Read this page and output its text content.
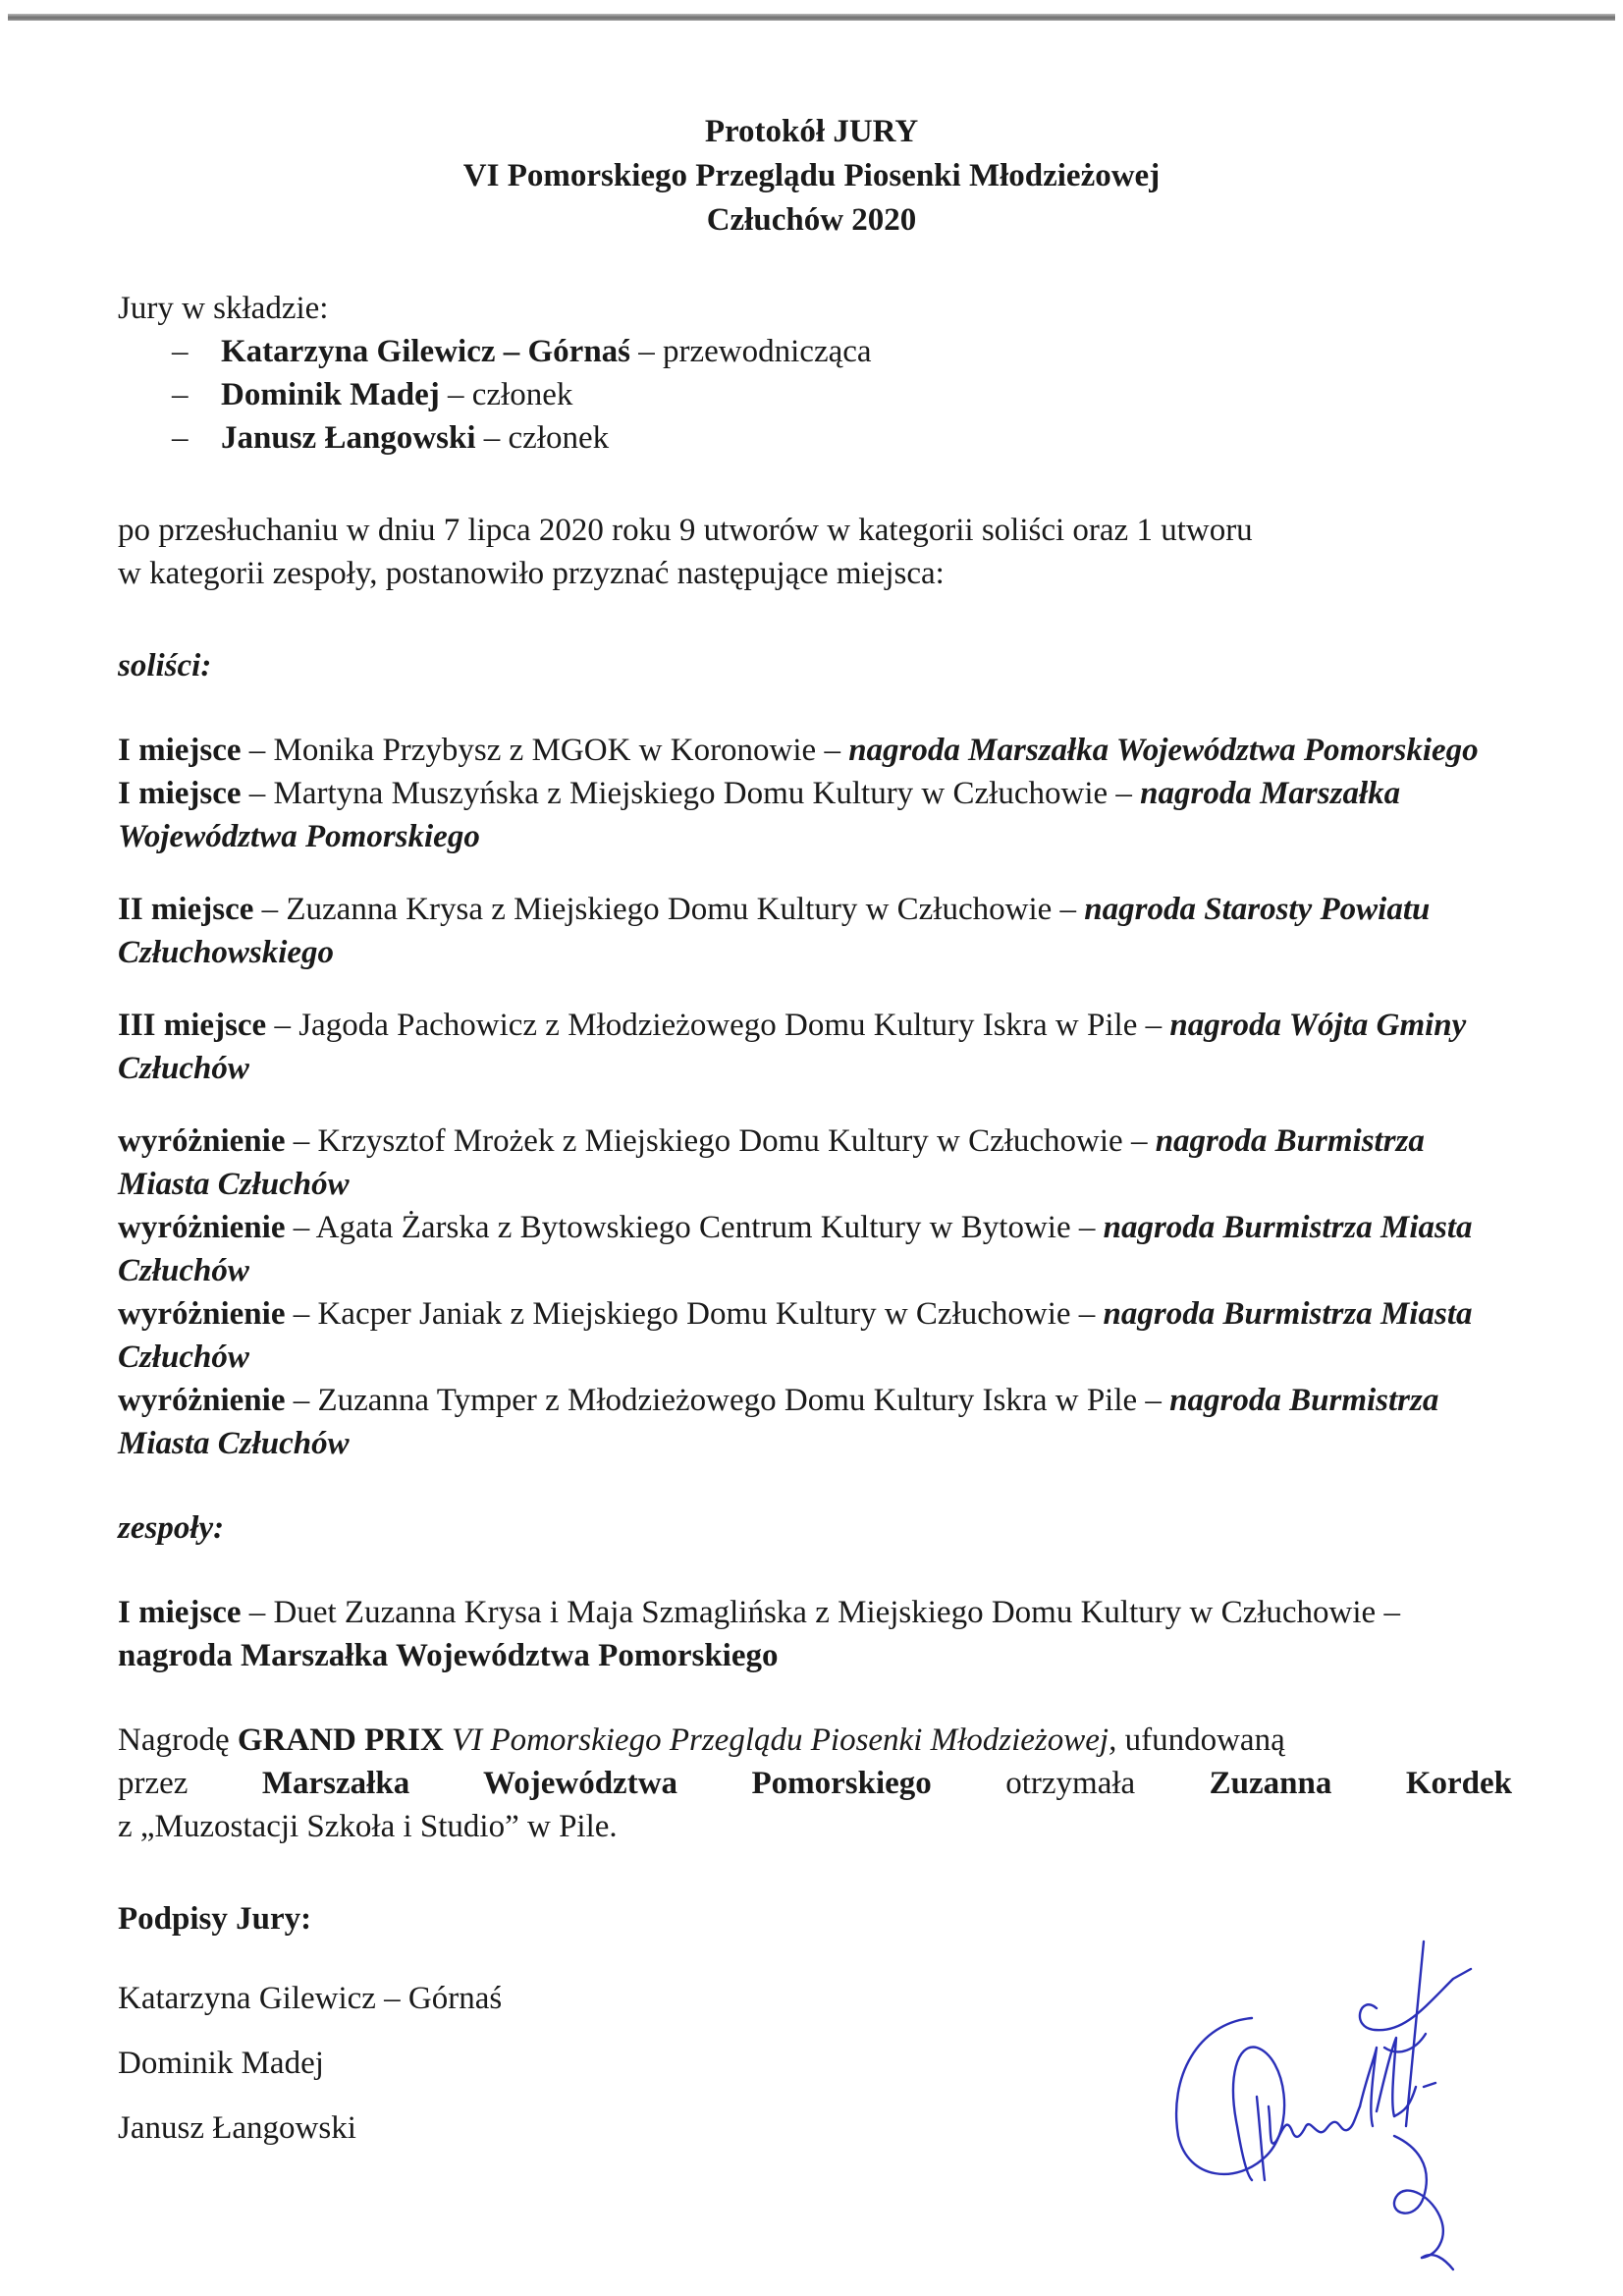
Protokół JURY
VI Pomorskiego Przeglądu Piosenki Młodzieżowej
Człuchów 2020

Jury w składzie:

– Katarzyna Gilewicz – Górnaś – przewodnicząca
– Dominik Madej – członek
– Janusz Łangowski – członek

po przesłuchaniu w dniu 7 lipca 2020 roku 9 utworów w kategorii soliści oraz 1 utworu

w kategorii zespoły, postanowiło przyznać następujące miejsca:

soliści:

I miejsce – Monika Przybysz z MGOK w Koronowie – nagroda Marszałka Województwa Pomorskiego

I miejsce – Martyna Muszyńska z Miejskiego Domu Kultury w Człuchowie – nagroda Marszałka Województwa Pomorskiego

II miejsce – Zuzanna Krysa z Miejskiego Domu Kultury w Człuchowie – nagroda Starosty Powiatu Człuchowskiego

III miejsce – Jagoda Pachowicz z Młodzieżowego Domu Kultury Iskra w Pile – nagroda Wójta Gminy Człuchów

wyróżnienie – Krzysztof Mrożek z Miejskiego Domu Kultury w Człuchowie – nagroda Burmistrza Miasta Człuchów

wyróżnienie – Agata Żarska z Bytowskiego Centrum Kultury w Bytowie – nagroda Burmistrza Miasta Człuchów

wyróżnienie – Kacper Janiak z Miejskiego Domu Kultury w Człuchowie – nagroda Burmistrza Miasta Człuchów

wyróżnienie – Zuzanna Tymper z Młodzieżowego Domu Kultury Iskra w Pile – nagroda Burmistrza Miasta Człuchów

zespoły:

I miejsce – Duet Zuzanna Krysa i Maja Szmaglińska z Miejskiego Domu Kultury w Człuchowie – nagroda Marszałka Województwa Pomorskiego

Nagrodę GRAND PRIX VI Pomorskiego Przeglądu Piosenki Młodzieżowej, ufundowaną

przez Marszałka Województwa Pomorskiego otrzymała Zuzanna Kordek

z „Muzostacji Szkoła i Studio” w Pile.

Podpisy Jury:

Katarzyna Gilewicz – Górnaś

Dominik Madej

Janusz Łangowski
